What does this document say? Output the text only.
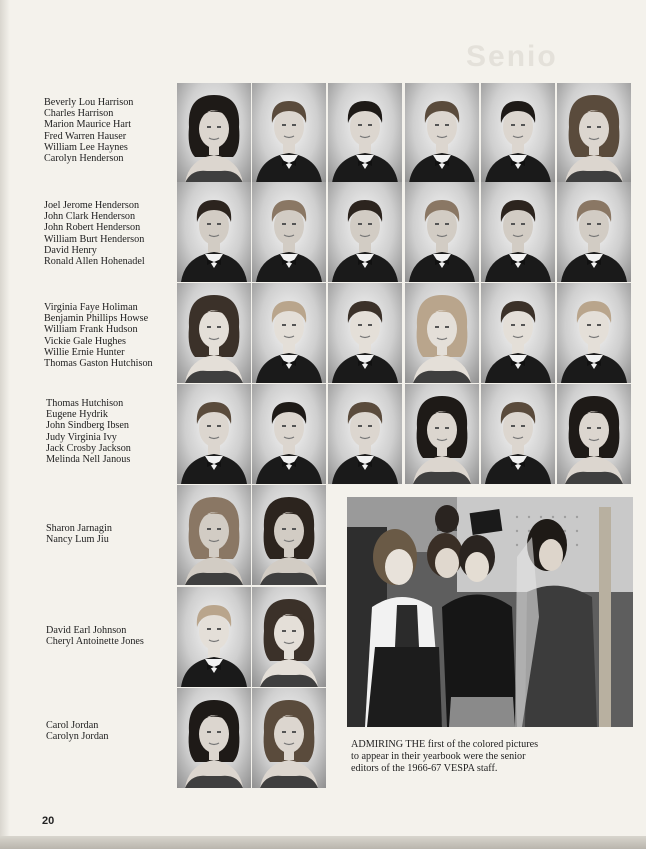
Senio
Beverly Lou Harrison
Charles Harrison
Marion Maurice Hart
Fred Warren Hauser
William Lee Haynes
Carolyn Henderson
Joel Jerome Henderson
John Clark Henderson
John Robert Henderson
William Burt Henderson
David Henry
Ronald Allen Hohenadel
Virginia Faye Holiman
Benjamin Phillips Howse
William Frank Hudson
Vickie Gale Hughes
Willie Ernie Hunter
Thomas Gaston Hutchison
Thomas Hutchison
Eugene Hydrik
John Sindberg Ibsen
Judy Virginia Ivy
Jack Crosby Jackson
Melinda Nell Janous
Sharon Jarnagin
Nancy Lum Jiu
David Earl Johnson
Cheryl Antoinette Jones
Carol Jordan
Carolyn Jordan
ADMIRING THE first of the colored pictures
to appear in their yearbook were the senior
editors of the 1966-67 VESPA staff.
20
